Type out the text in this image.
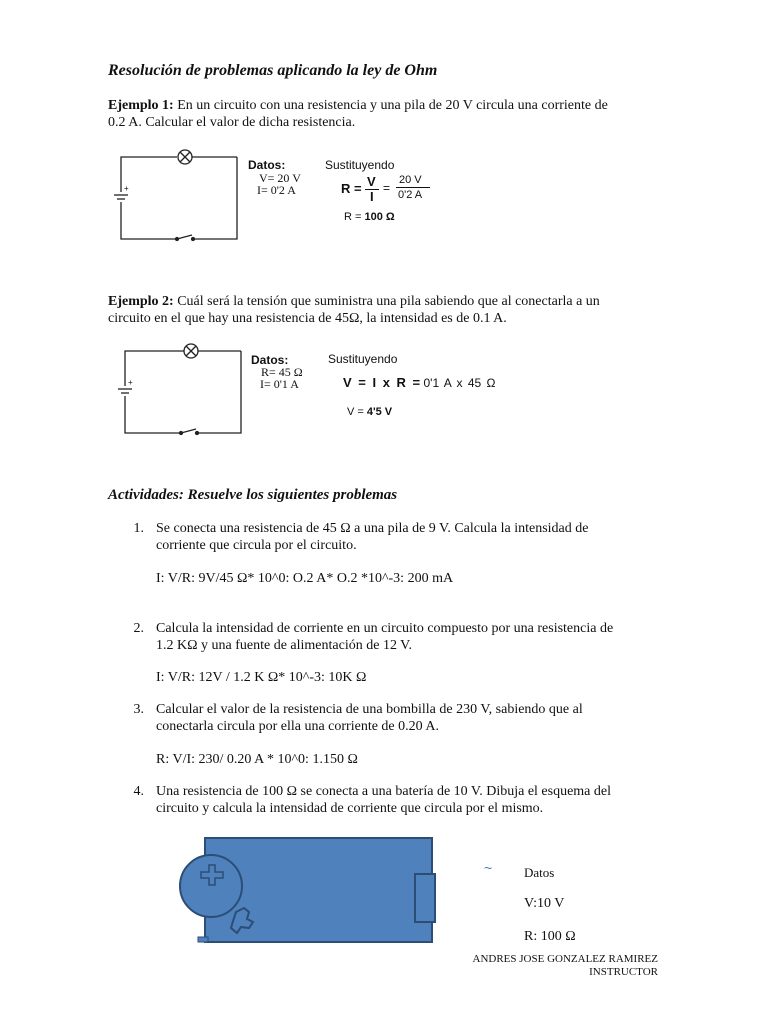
Resolución de problemas aplicando la ley de Ohm
Ejemplo 1: En un circuito con una resistencia y una pila de 20 V circula una corriente de
0.2 A. Calcular el valor de dicha resistencia.
+
Datos:
V= 20 V
I= 0'2 A
Sustituyendo
R = V
I
=
20 V
0'2 A
R = 100 Ω
Ejemplo 2: Cuál será la tensión que suministra una pila sabiendo que al conectarla a un
circuito en el que hay una resistencia de 45Ω, la intensidad es de 0.1 A.
+
Datos:
R= 45 Ω
I= 0'1 A
Sustituyendo
V = I x R = 0'1 A x 45 Ω
V = 4'5 V
Actividades: Resuelve los siguientes problemas
1. Se conecta una resistencia de 45 Ω a una pila de 9 V. Calcula la intensidad de
corriente que circula por el circuito.
I: V/R: 9V/45 Ω* 10^0: O.2 A* O.2 *10^-3: 200 mA
2. Calcula la intensidad de corriente en un circuito compuesto por una resistencia de
1.2 KΩ y una fuente de alimentación de 12 V.
I: V/R: 12V / 1.2 K Ω* 10^-3: 10K Ω
3. Calcular el valor de la resistencia de una bombilla de 230 V, sabiendo que al
conectarla circula por ella una corriente de 0.20 A.
R: V/I: 230/ 0.20 A * 10^0: 1.150 Ω
4. Una resistencia de 100 Ω se conecta a una batería de 10 V. Dibuja el esquema del
circuito y calcula la intensidad de corriente que circula por el mismo.
~ Datos
V:10 V
R: 100 Ω
ANDRES JOSE GONZALEZ RAMIREZ
INSTRUCTOR
